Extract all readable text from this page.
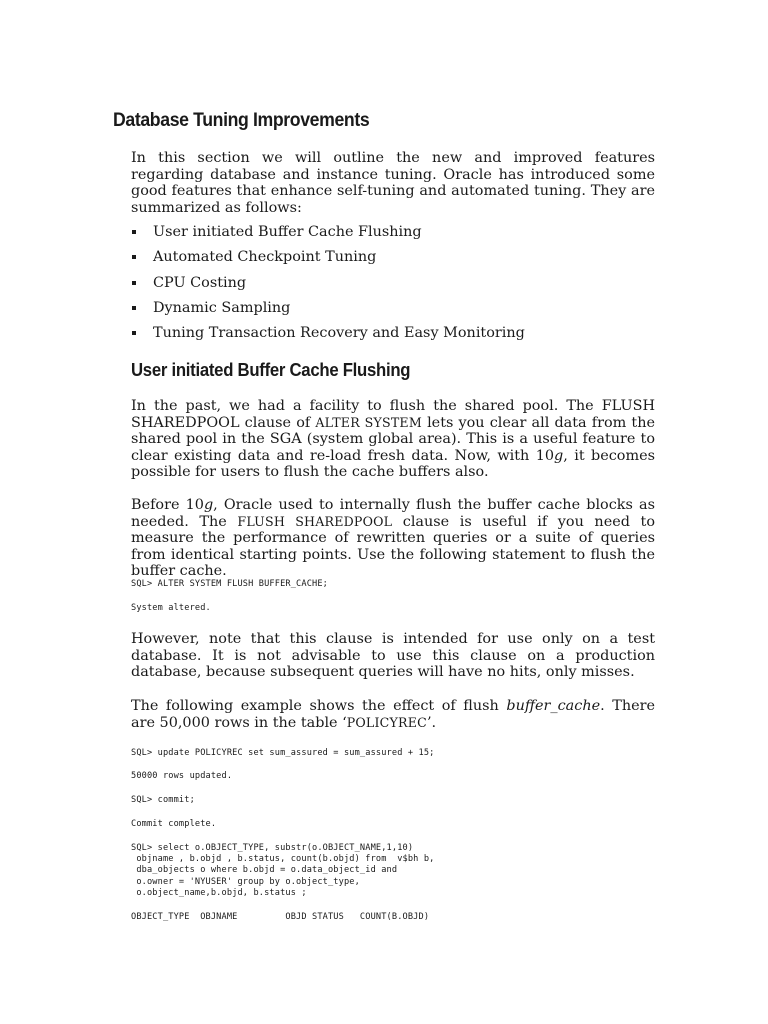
Database Tuning Improvements

In this section we will outline the new and improved features regarding database and instance tuning. Oracle has introduced some good features that enhance self-tuning and automated tuning. They are summarized as follows:

User initiated Buffer Cache Flushing
Automated Checkpoint Tuning
CPU Costing
Dynamic Sampling
Tuning Transaction Recovery and Easy Monitoring
User initiated Buffer Cache Flushing

In the past, we had a facility to flush the shared pool. The FLUSH SHAREDPOOL clause of ALTER SYSTEM lets you clear all data from the shared pool in the SGA (system global area). This is a useful feature to clear existing data and re-load fresh data. Now, with 10g, it becomes possible for users to flush the cache buffers also.

Before 10g, Oracle used to internally flush the buffer cache blocks as needed. The FLUSH SHAREDPOOL clause is useful if you need to measure the performance of rewritten queries or a suite of queries from identical starting points. Use the following statement to flush the buffer cache.

SQL> ALTER SYSTEM FLUSH BUFFER_CACHE;
System altered.

However, note that this clause is intended for use only on a test database. It is not advisable to use this clause on a production database, because subsequent queries will have no hits, only misses.

The following example shows the effect of flush buffer_cache. There are 50,000 rows in the table ‘POLICYREC’.

SQL> update POLICYREC set sum_assured = sum_assured + 15;
50000 rows updated.
SQL> commit;
Commit complete.
SQL> select o.OBJECT_TYPE, substr(o.OBJECT_NAME,1,10)
objname , b.objd , b.status, count(b.objd) from  v$bh b,
dba_objects o where b.objd = o.data_object_id and
o.owner = 'NYUSER' group by o.object_type,
o.object_name,b.objd, b.status ;
OBJECT_TYPE  OBJNAME         OBJD STATUS   COUNT(B.OBJD)
